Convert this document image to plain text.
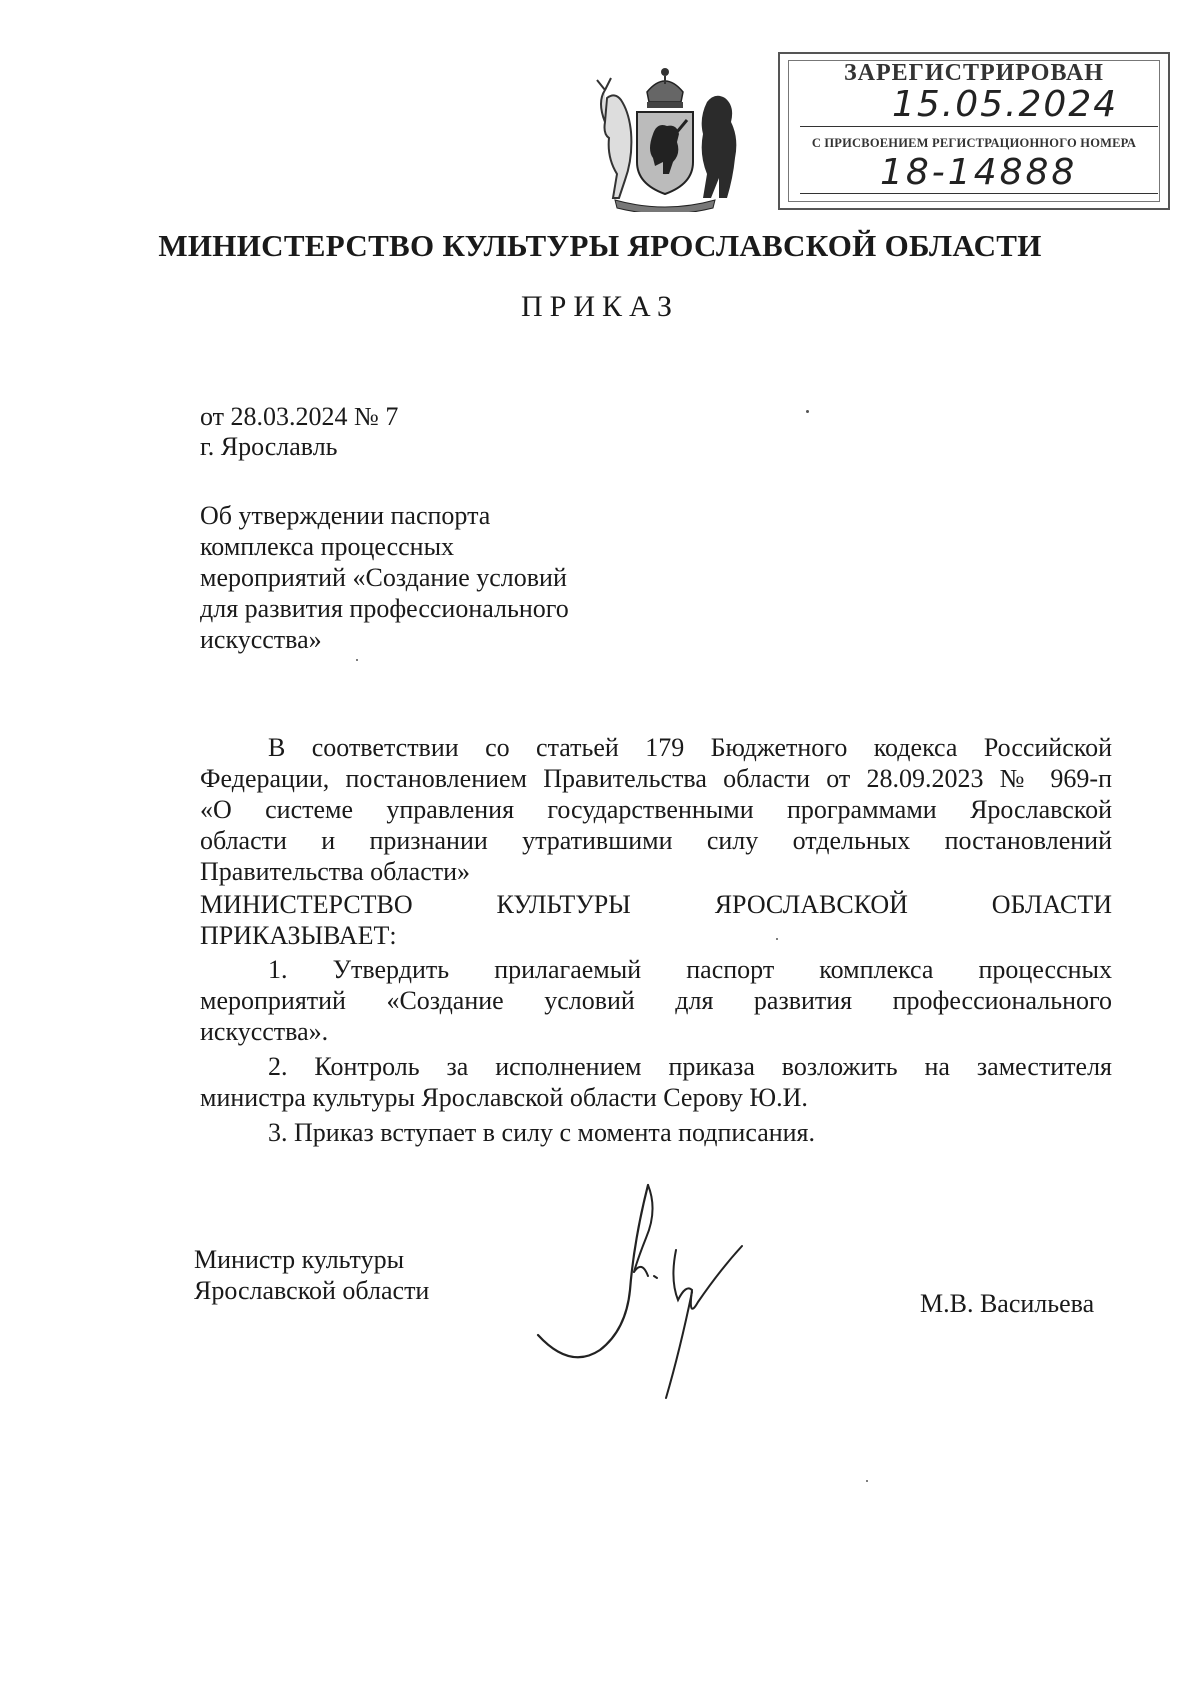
ЗАРЕГИСТРИРОВАН
15.05.2024
С ПРИСВОЕНИЕМ РЕГИСТРАЦИОННОГО НОМЕРА
18-14888
МИНИСТЕРСТВО КУЛЬТУРЫ ЯРОСЛАВСКОЙ ОБЛАСТИ
ПРИКАЗ
от 28.03.2024 № 7
г. Ярославль
Об утверждении паспорта
комплекса процессных
мероприятий «Создание условий
для развития профессионального
искусства»
В соответствии со статьей 179 Бюджетного кодекса Российской
Федерации, постановлением Правительства области от 28.09.2023 № 969-п
«О системе управления государственными программами Ярославской
области и признании утратившими силу отдельных постановлений
Правительства области»
МИНИСТЕРСТВО КУЛЬТУРЫ ЯРОСЛАВСКОЙ ОБЛАСТИ
ПРИКАЗЫВАЕТ:
1. Утвердить прилагаемый паспорт комплекса процессных
мероприятий «Создание условий для развития профессионального
искусства».
2. Контроль за исполнением приказа возложить на заместителя
министра культуры Ярославской области Серову Ю.И.
3. Приказ вступает в силу с момента подписания.
Министр культуры
Ярославской области	М.В. Васильева
